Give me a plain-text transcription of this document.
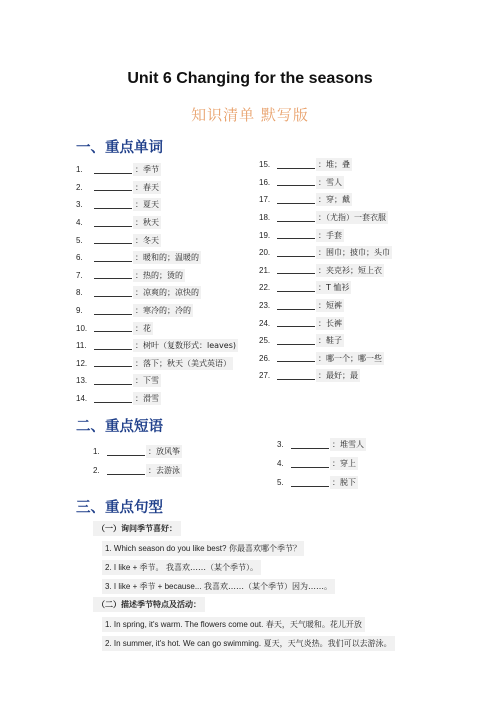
Unit 6 Changing for the seasons
知识清单 默写版
一、重点单词
1.	：季节
2.	：春天
3.	：夏天
4.	：秋天
5.	：冬天
6.	：暖和的；温暖的
7.	：热的；烫的
8.	：凉爽的；凉快的
9.	：寒冷的；冷的
10.	：花
11.	：树叶（复数形式：leaves)
12.	：落下；秋天（美式英语）
13.	：下雪
14.	：滑雪
15.	：堆；叠
16.	：雪人
17.	：穿；戴
18.	：（尤指）一套衣服
19.	：手套
20.	：围巾；披巾；头巾
21.	：夹克衫；短上衣
22.	：T 恤衫
23.	：短裤
24.	：长裤
25.	：鞋子
26.	：哪一个；哪一些
27.	：最好；最
二、重点短语
1.	：放风筝
2.	：去游泳
3.	：堆雪人
4.	：穿上
5.	：脱下
三、重点句型
（一）询问季节喜好：
1. Which season do you like best? 你最喜欢哪个季节？
2. I like + 季节。 我喜欢……（某个季节）。
3. I like + 季节 + because... 我喜欢……（某个季节）因为……。
（二）描述季节特点及活动：
1. In spring, it's warm. The flowers come out. 春天，天气暖和。花儿开放
2. In summer, it's hot. We can go swimming. 夏天，天气炎热。我们可以去游泳。
